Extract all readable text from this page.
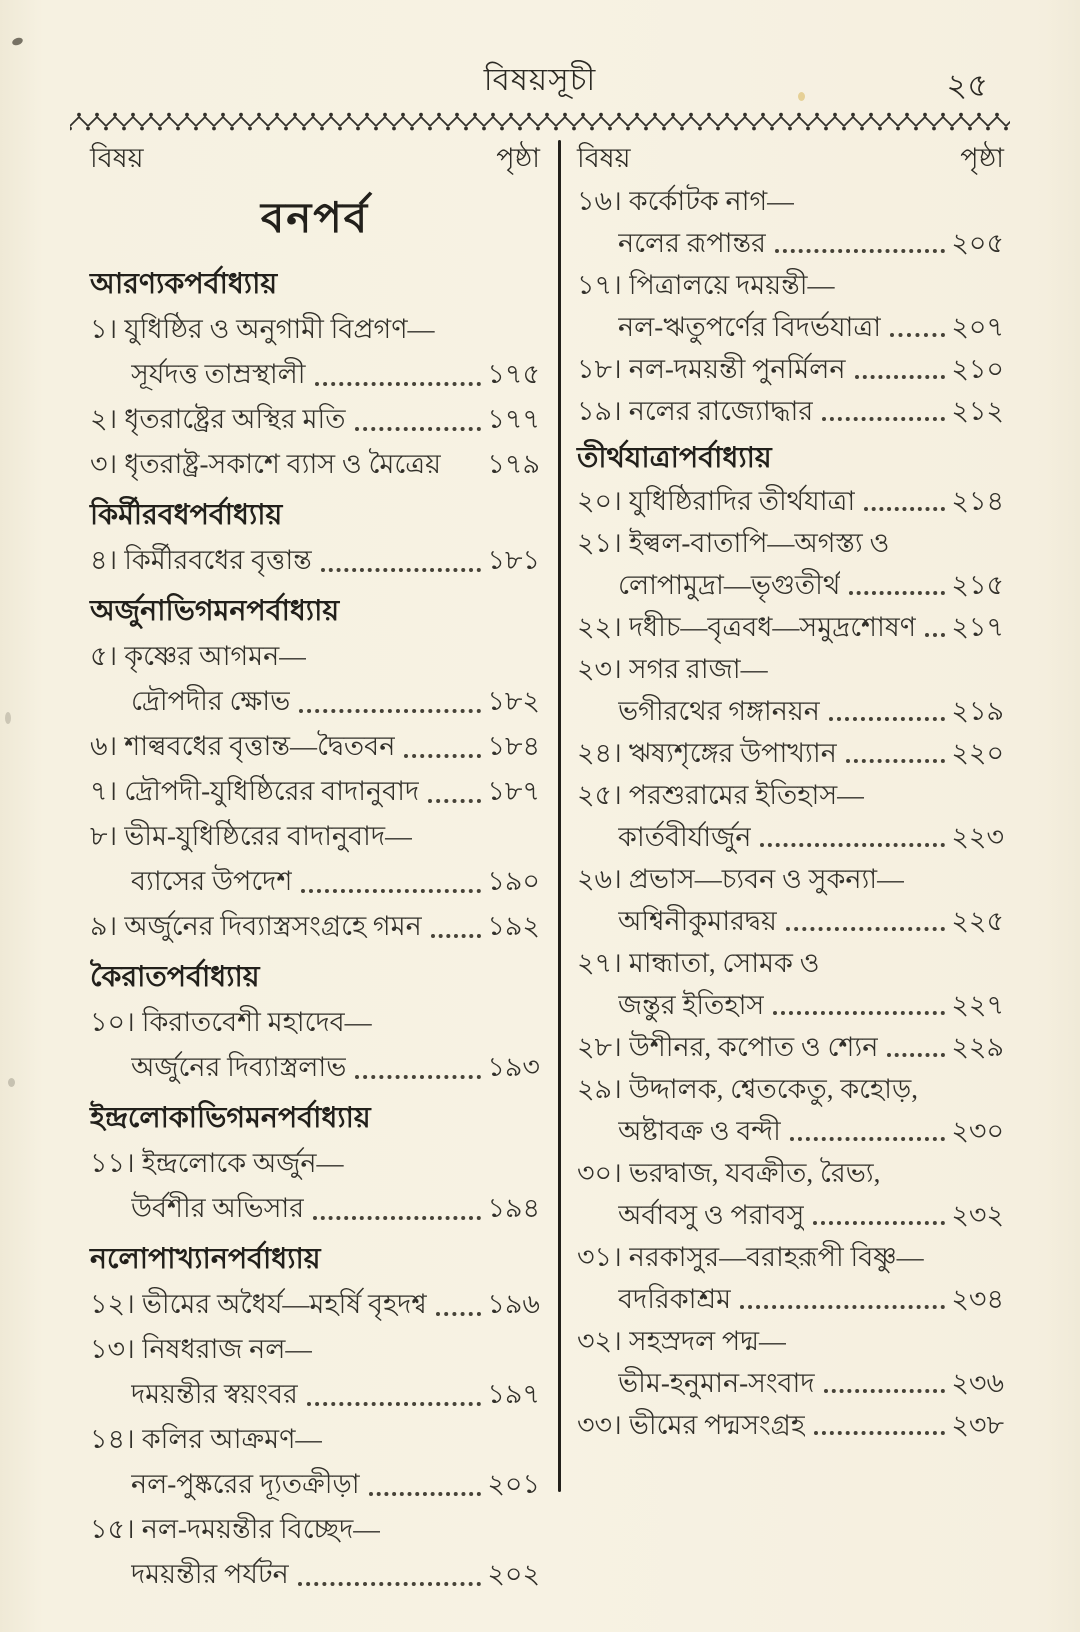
বিষয়সূচী	২৫
বিষয়	পৃষ্ঠা
বনপর্ব
আরণ্যকপর্বাধ্যায়
১। যুধিষ্ঠির ও অনুগামী বিপ্রগণ—
সূর্যদত্ত তাম্রস্থালী	১৭৫
২। ধৃতরাষ্ট্রের অস্থির মতি	১৭৭
৩। ধৃতরাষ্ট্র-সকাশে ব্যাস ও মৈত্রেয় ১৭৯
কির্মীরবধপর্বাধ্যায়
৪। কির্মীরবধের বৃত্তান্ত	১৮১
অর্জুনাভিগমনপর্বাধ্যায়
৫। কৃষ্ণের আগমন—
দ্রৌপদীর ক্ষোভ	১৮২
৬। শাল্ববধের বৃত্তান্ত—দ্বৈতবন	১৮৪
৭। দ্রৌপদী-যুধিষ্ঠিরের বাদানুবাদ	১৮৭
৮। ভীম-যুধিষ্ঠিরের বাদানুবাদ—
ব্যাসের উপদেশ	১৯০
৯। অর্জুনের দিব্যাস্ত্রসংগ্রহে গমন ১৯২
কৈরাতপর্বাধ্যায়
১০। কিরাতবেশী মহাদেব—
অর্জুনের দিব্যাস্ত্রলাভ	১৯৩
ইন্দ্রলোকাভিগমনপর্বাধ্যায়
১১। ইন্দ্রলোকে অর্জুন—
উর্বশীর অভিসার	১৯৪
নলোপাখ্যানপর্বাধ্যায়
১২। ভীমের অধৈর্য—মহর্ষি বৃহদশ্ব ১৯৬
১৩। নিষধরাজ নল—
দময়ন্তীর স্বয়ংবর	১৯৭
১৪। কলির আক্রমণ—
নল-পুষ্করের দ্যূতক্রীড়া	২০১
১৫। নল-দময়ন্তীর বিচ্ছেদ—
দময়ন্তীর পর্যটন	২০২
বিষয়	পৃষ্ঠা
১৬। কর্কোটক নাগ—
নলের রূপান্তর	২০৫
১৭। পিত্রালয়ে দময়ন্তী—
নল-ঋতুপর্ণের বিদর্ভযাত্রা	২০৭
১৮। নল-দময়ন্তী পুনর্মিলন	২১০
১৯। নলের রাজ্যোদ্ধার	২১২
তীর্থযাত্রাপর্বাধ্যায়
২০। যুধিষ্ঠিরাদির তীর্থযাত্রা	২১৪
২১। ইল্বল-বাতাপি—অগস্ত্য ও
লোপামুদ্রা—ভৃগুতীর্থ	২১৫
২২। দধীচ—বৃত্রবধ—সমুদ্রশোষণ ২১৭
২৩। সগর রাজা—
ভগীরথের গঙ্গানয়ন	২১৯
২৪। ঋষ্যশৃঙ্গের উপাখ্যান	২২০
২৫। পরশুরামের ইতিহাস—
কার্তবীর্যার্জুন	২২৩
২৬। প্রভাস—চ্যবন ও সুকন্যা—
অশ্বিনীকুমারদ্বয়	২২৫
২৭। মান্ধাতা, সোমক ও
জন্তুর ইতিহাস	২২৭
২৮। উশীনর, কপোত ও শ্যেন	২২৯
২৯। উদ্দালক, শ্বেতকেতু, কহোড়,
অষ্টাবক্র ও বন্দী	২৩০
৩০। ভরদ্বাজ, যবক্রীত, রৈভ্য,
অর্বাবসু ও পরাবসু	২৩২
৩১। নরকাসুর—বরাহরূপী বিষ্ণু—
বদরিকাশ্রম	২৩৪
৩২। সহস্রদল পদ্ম—
ভীম-হনুমান-সংবাদ	২৩৬
৩৩। ভীমের পদ্মসংগ্রহ	২৩৮
